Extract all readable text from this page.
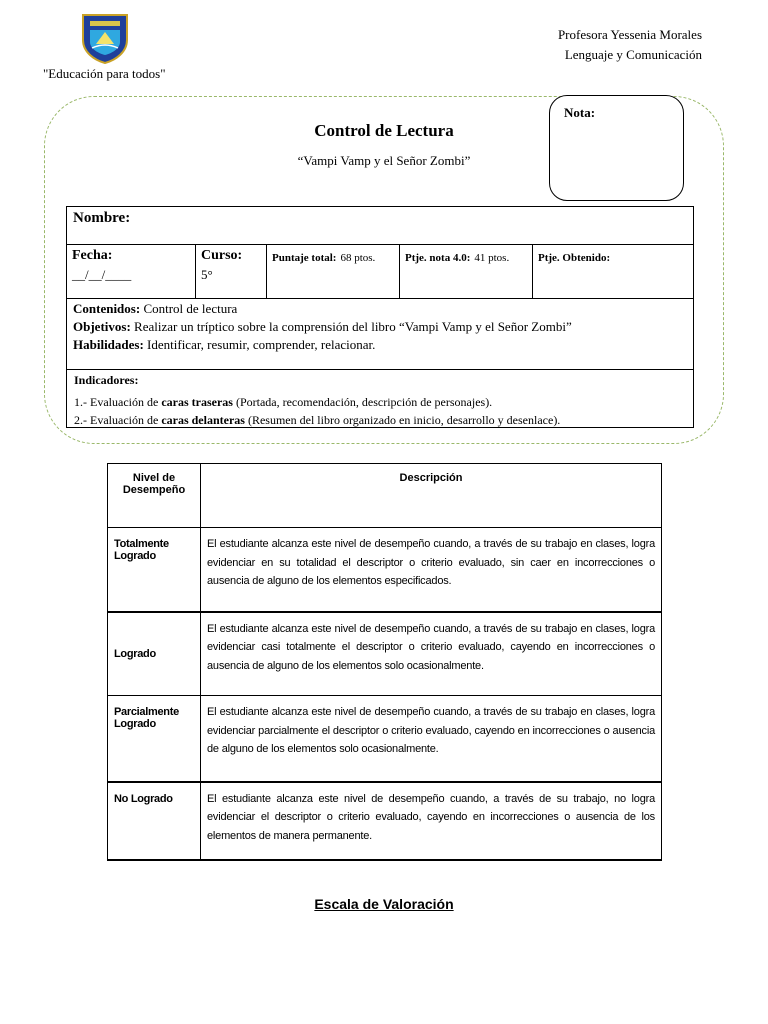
"Educación para todos"
Profesora Yessenia Morales
Lenguaje y Comunicación
Control de Lectura
“Vampi Vamp y el Señor Zombi”
Nota:
Nombre:
Fecha:
__/__/____
Curso:
5°
Puntaje total: 68 ptos.	Ptje. nota 4.0: 41 ptos.	Ptje. Obtenido:
Contenidos: Control de lectura
Objetivos: Realizar un tríptico sobre la comprensión del libro “Vampi Vamp y el Señor Zombi”
Habilidades: Identificar, resumir, comprender, relacionar.
Indicadores:
1.- Evaluación de caras traseras (Portada, recomendación, descripción de personajes).
2.- Evaluación de caras delanteras (Resumen del libro organizado en inicio, desarrollo y desenlace).
Nivel de Desempeño	Descripción
Totalmente Logrado	El estudiante alcanza este nivel de desempeño cuando, a través de su trabajo en clases, logra evidenciar en su totalidad el descriptor o criterio evaluado, sin caer en incorrecciones o ausencia de alguno de los elementos especificados.
Logrado	El estudiante alcanza este nivel de desempeño cuando, a través de su trabajo en clases, logra evidenciar casi totalmente el descriptor o criterio evaluado, cayendo en incorrecciones o ausencia de alguno de los elementos solo ocasionalmente.
Parcialmente Logrado	El estudiante alcanza este nivel de desempeño cuando, a través de su trabajo en clases, logra evidenciar parcialmente el descriptor o criterio evaluado, cayendo en incorrecciones o ausencia de alguno de los elementos solo ocasionalmente.
No Logrado	El estudiante alcanza este nivel de desempeño cuando, a través de su trabajo, no logra evidenciar el descriptor o criterio evaluado, cayendo en incorrecciones o ausencia de los elementos de manera permanente.
Escala de Valoración
